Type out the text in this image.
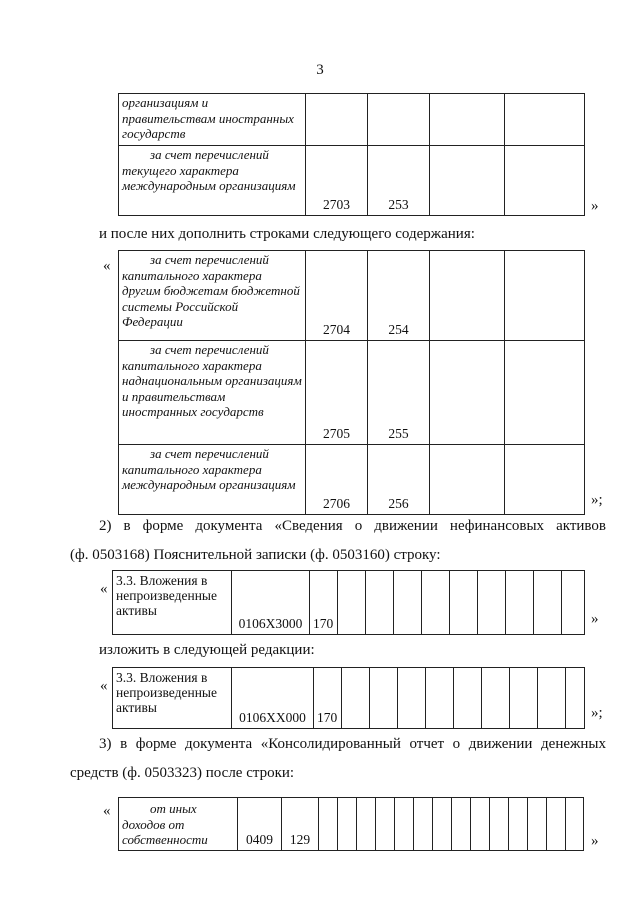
3
организациям и правительствам иностранных государств				
за счет перечислений текущего характера международным организациям	2703	253			»
и после них дополнить строками следующего содержания:
«	за счет перечислений капитального характера другим бюджетам бюджетной системы Российской Федерации	2704	254		
за счет перечислений капитального характера наднациональным организациям и правительствам иностранных государств	2705	255		
за счет перечислений капитального характера международным организациям	2706	256			»;
2) в форме документа «Сведения о движении нефинансовых активов
(ф. 0503168) Пояснительной записки (ф. 0503160) строку:
«
3.3. Вложения в непроизведенные активы	0106Х3000	170										»
изложить в следующей редакции:
«
3.3. Вложения в непроизведенные активы	0106ХХ000	170										»;
3) в форме документа «Консолидированный отчет о движении денежных
средств (ф. 0503323) после строки:
«	от иных доходов от собственности	0409	129															»
